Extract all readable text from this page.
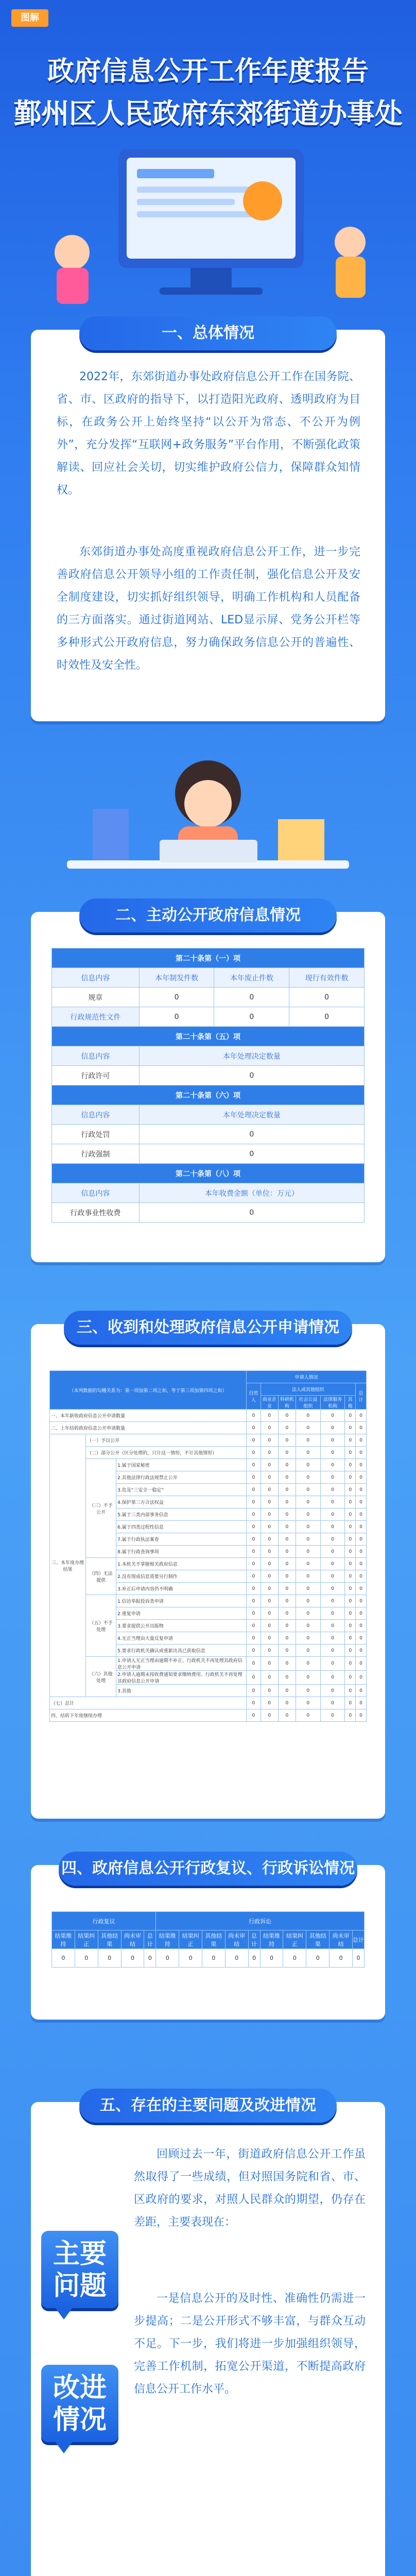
图解
政府信息公开工作年度报告
鄞州区人民政府东郊街道办事处
一、总体情况
2022年，东郊街道办事处政府信息公开工作在国务院、省、市、区政府的指导下，以打造阳光政府、透明政府为目标，在政务公开上始终坚持“以公开为常态、不公开为例外”，充分发挥“互联网+政务服务”平台作用，不断强化政策解读、回应社会关切，切实维护政府公信力，保障群众知情权。
东郊街道办事处高度重视政府信息公开工作，进一步完善政府信息公开领导小组的工作责任制，强化信息公开及安全制度建设，切实抓好组织领导，明确工作机构和人员配备的三方面落实。通过街道网站、LED显示屏、党务公开栏等多种形式公开政府信息，努力确保政务信息公开的普遍性、时效性及安全性。
二、主动公开政府信息情况
第二十条第（一）项			
信息内容	本年制发件数	本年废止件数	现行有效件数
规章	0	0	0
行政规范性文件	0	0	0
第二十条第（五）项			
信息内容	本年处理决定数量		
行政许可	0		
第二十条第（六）项			
信息内容	本年处理决定数量		
行政处罚	0		
行政强制	0		
第二十条第（八）项			
信息内容	本年收费金额（单位：万元）		
行政事业性收费	0		
三、收到和处理政府信息公开申请情况
（本列数据的勾稽关系为：第一项加第二项之和，等于第三项加第四项之和）			申请人情况						
			自然人	法人或其他组织					总计
				商业企业	科研机构	社会公益组织	法律服务机构	其他	
一、本年新收政府信息公开申请数量			0	0	0	0	0	0	0
二、上年结转政府信息公开申请数量			0	0	0	0	0	0	0
三、本年度办理结果	（一）予以公开		0	0	0	0	0	0	0
	（二）部分公开（区分处理的，只计这一情形，不计其他情形）		0	0	0	0	0	0	0
	（三）不予公开	1.属于国家秘密	0	0	0	0	0	0	0
		2.其他法律行政法规禁止公开	0	0	0	0	0	0	0
		3.危及“三安全一稳定”	0	0	0	0	0	0	0
		4.保护第三方合法权益	0	0	0	0	0	0	0
		5.属于三类内部事务信息	0	0	0	0	0	0	0
		6.属于四类过程性信息	0	0	0	0	0	0	0
		7.属于行政执法案卷	0	0	0	0	0	0	0
		8.属于行政查询事项	0	0	0	0	0	0	0
	（四）无法提供	1.本机关不掌握相关政府信息	0	0	0	0	0	0	0
		2.没有现成信息需要另行制作	0	0	0	0	0	0	0
		3.补正后申请内容仍不明确	0	0	0	0	0	0	0
	（五）不予处理	1.信访举报投诉类申请	0	0	0	0	0	0	0
		2.重复申请	0	0	0	0	0	0	0
		3.要求提供公开出版物	0	0	0	0	0	0	0
		4.无正当理由大量反复申请	0	0	0	0	0	0	0
		5.要求行政机关确认或重新出具已获取信息	0	0	0	0	0	0	0
	（六）其他处理	1.申请人无正当理由逾期不补正、行政机关不再处理其政府信息公开申请	0	0	0	0	0	0	0
		2.申请人逾期未按收费通知要求缴纳费用、行政机关不再处理其政府信息公开申请	0	0	0	0	0	0	0
		3.其他	0	0	0	0	0	0	0
（七）总计			0	0	0	0	0	0	0
四、结转下年度继续办理			0	0	0	0	0	0	0
四、政府信息公开行政复议、行政诉讼情况
行政复议					行政诉讼									
结果维持	结果纠正	其他结果	尚未审结	总计	结果维持	结果纠正	其他结果	尚未审结	总计	结果维持	结果纠正	其他结果	尚未审结	总计
0	0	0	0	0	0	0	0	0	0	0	0	0	0	0
五、存在的主要问题及改进情况
主要问题
改进情况
回顾过去一年，街道政府信息公开工作虽然取得了一些成绩，但对照国务院和省、市、区政府的要求，对照人民群众的期望，仍存在差距，主要表现在：
一是信息公开的及时性、准确性仍需进一步提高；二是公开形式不够丰富，与群众互动不足。下一步，我们将进一步加强组织领导，完善工作机制，拓宽公开渠道，不断提高政府信息公开工作水平。
